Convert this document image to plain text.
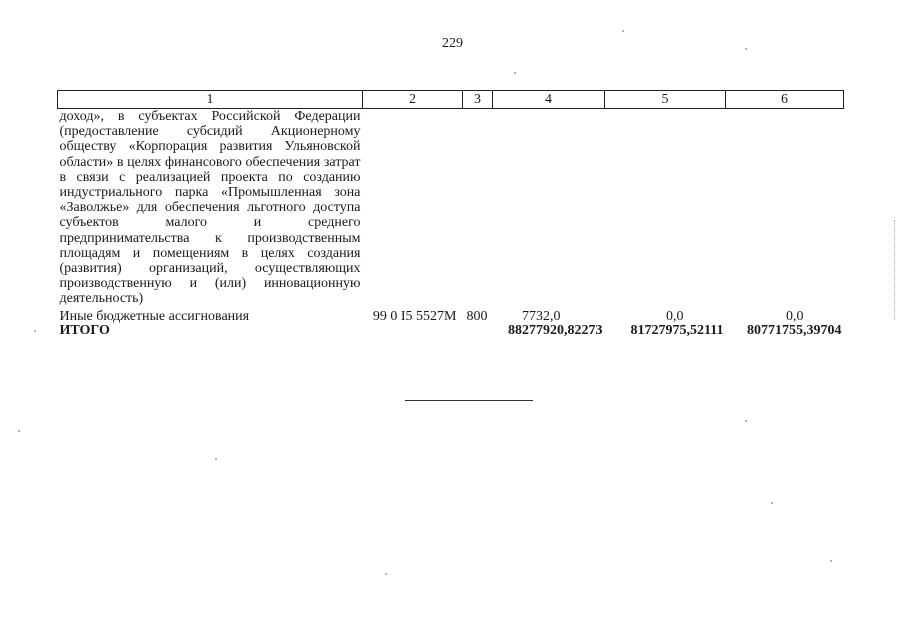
229
1	2	3	4	5	6
доход», в субъектах Российской Федерации (предоставление субсидий Акционерному обществу «Корпорация развития Ульяновской области» в целях финансового обеспечения затрат в связи с реализацией проекта по созданию индустриального парка «Промышленная зона «Заволжье» для обеспечения льготного доступа субъектов малого и среднего предпринимательства к производственным площадям и помещениям в целях создания (развития) организаций, осуществляющих производственную и (или) инновационную деятельность)					
Иные бюджетные ассигнования	99 0 I5 5527M	800	7732,0	0,0	0,0
ИТОГО			88277920,82273	81727975,52111	80771755,39704
